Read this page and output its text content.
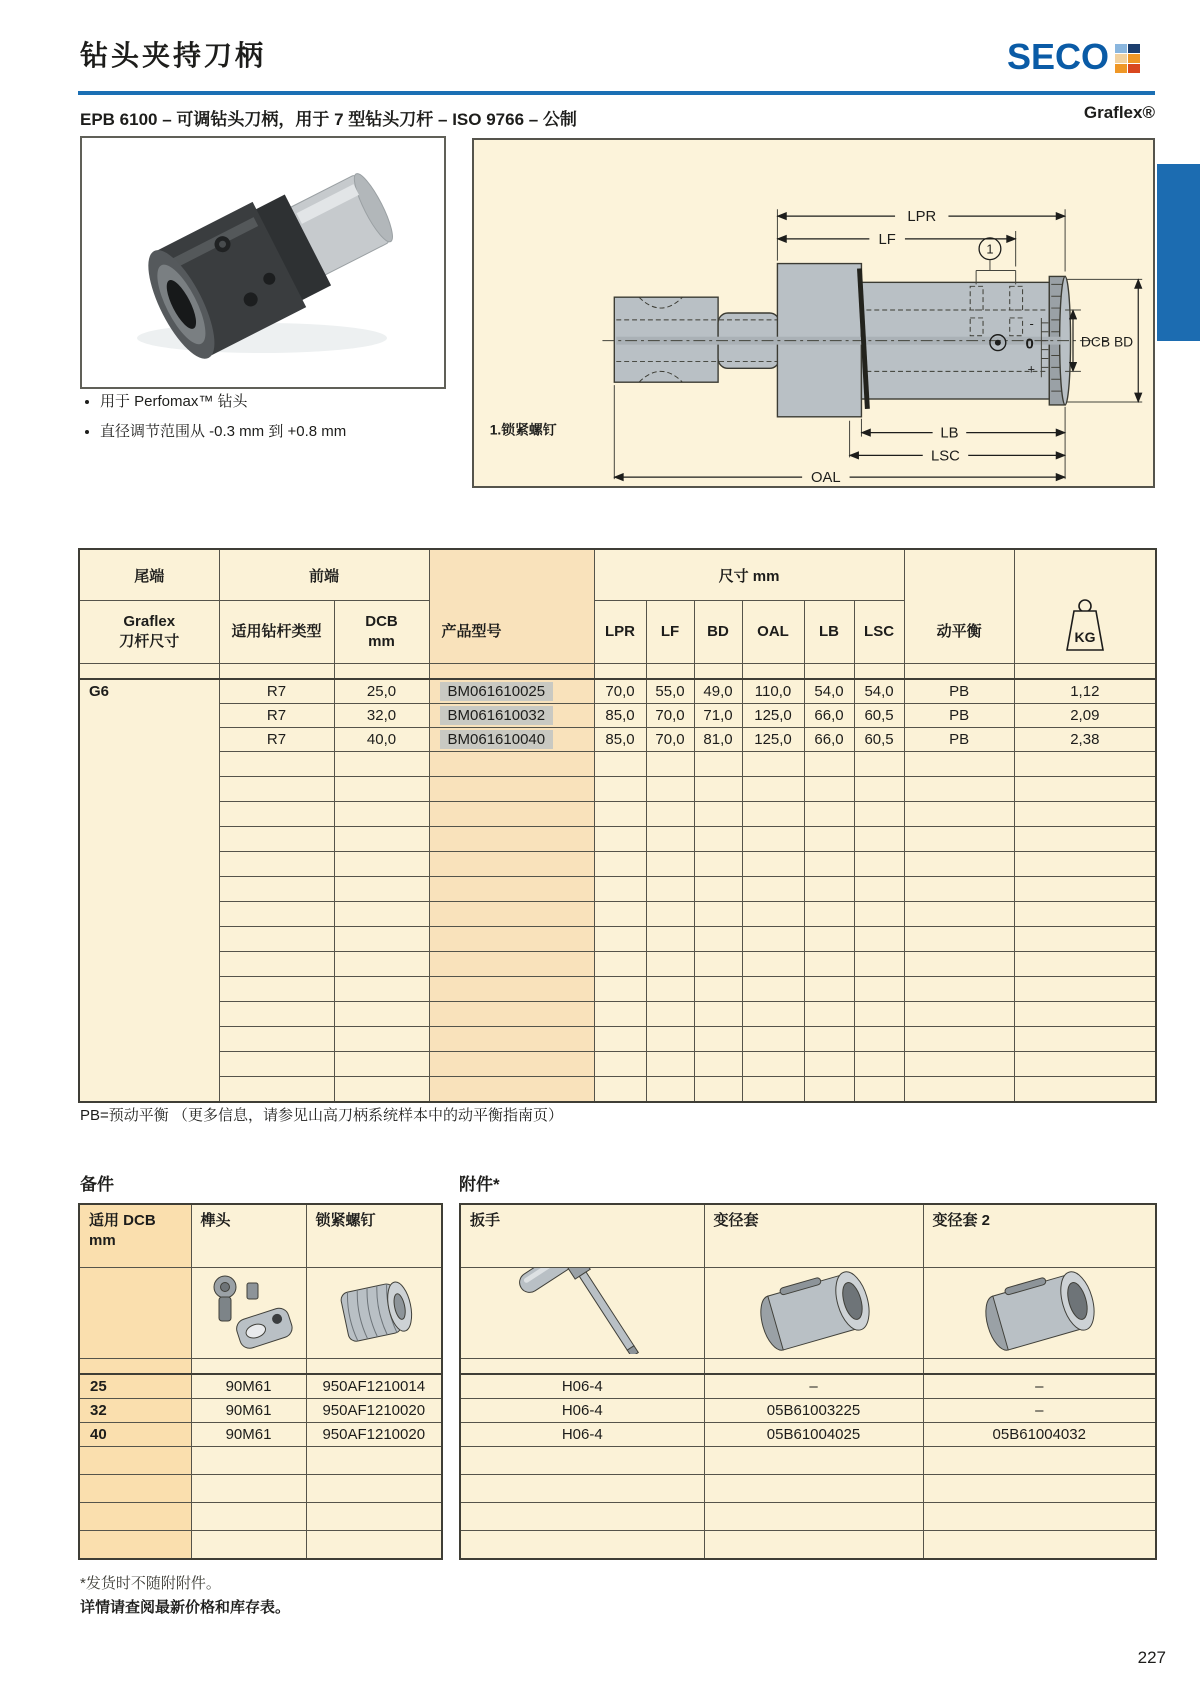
钻头夹持刀柄	SECO
EPB 6100 – 可调钻头刀柄，用于 7 型钻头刀杆 – ISO 9766 – 公制	Graflex®
• 用于 Perfomax™ 钻头
• 直径调节范围从 -0.3 mm 到 +0.8 mm
-
0
+
1
LPR
LF
DCB BD
LB
LSC
OAL
1.锁紧螺钉
尾端	前端		产品型号	尺寸 mm						动平衡	KG

Graflex
刀杆尺寸
	适用钻杆类型	
DCB
mm
	LPR	LF	BD	OAL	LB	LSC

G6	R7	25,0	BM061610025	70,0	55,0	49,0	110,0	54,0	54,0	PB	1,12
	R7	32,0	BM061610032	85,0	70,0	71,0	125,0	66,0	60,5	PB	2,09
	R7	40,0	BM061610040	85,0	70,0	81,0	125,0	66,0	60,5	PB	2,38

PB=预动平衡 （更多信息，请参见山高刀柄系统样本中的动平衡指南页）
备件	附件*
适用 DCB
mm	榫头	锁紧螺钉

25	90M61	950AF1210014
32	90M61	950AF1210020
40	90M61	950AF1210020

扳手	变径套	变径套 2

H06-4	–	–
H06-4	05B61003225	–
H06-4	05B61004025	05B61004032

*发货时不随附附件。
详情请查阅最新价格和库存表。
227
